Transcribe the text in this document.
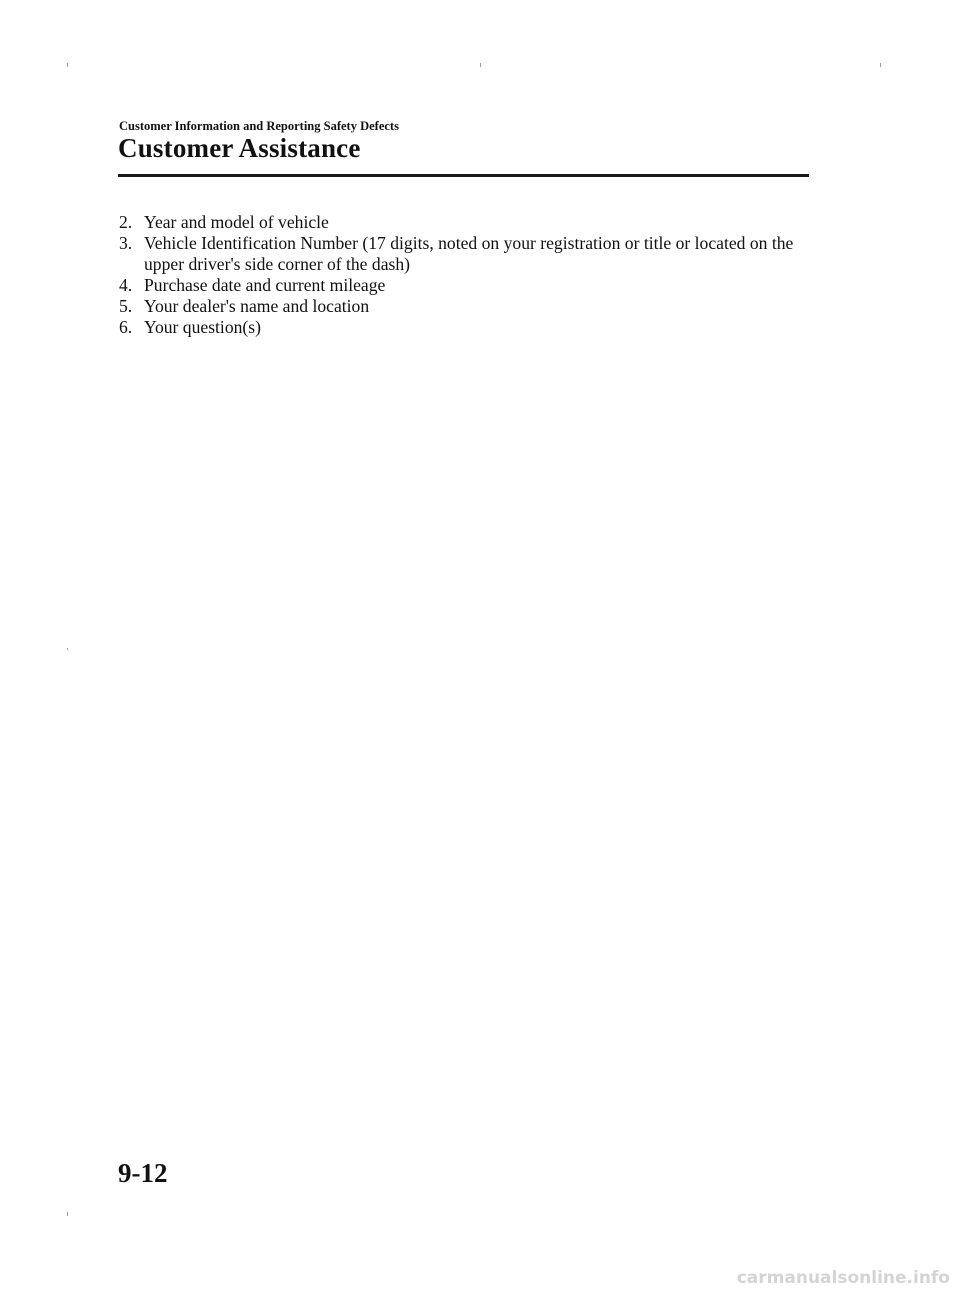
Customer Information and Reporting Safety Defects
Customer Assistance
2. Year and model of vehicle
3. Vehicle Identification Number (17 digits, noted on your registration or title or located on the upper driver's side corner of the dash)
4. Purchase date and current mileage
5. Your dealer's name and location
6. Your question(s)
9-12
carmanualsonline.info
